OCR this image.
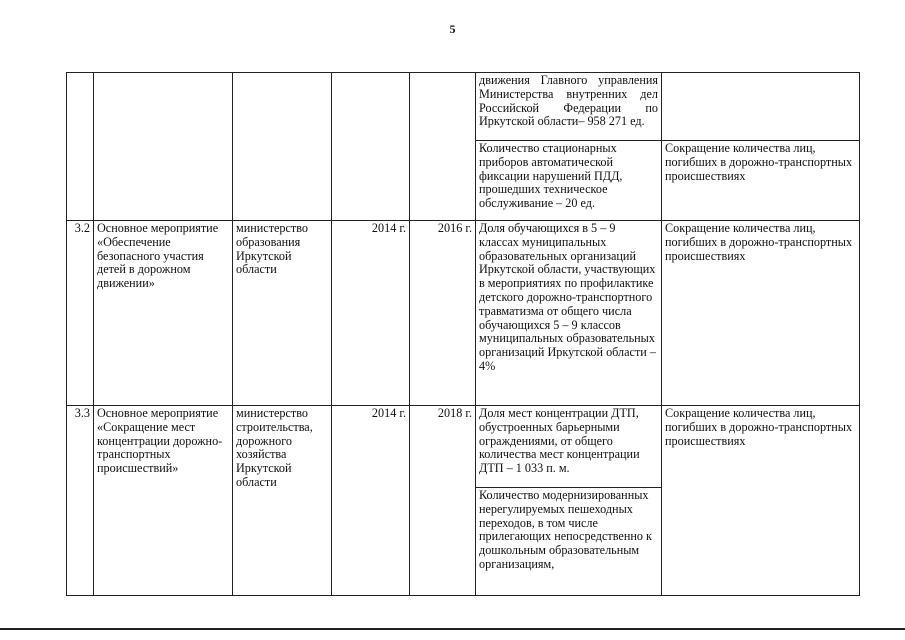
5
					движения Главного управления Министерства внутренних дел Российской Федерации по Иркутской области– 958 271 ед.	
					Количество стационарных приборов автоматической фиксации нарушений ПДД, прошедших техническое обслуживание – 20 ед.	Сокращение количества лиц, погибших в дорожно-транспортных происшествиях
3.2	Основное мероприятие «Обеспечение безопасного участия детей в дорожном движении»	министерство образования Иркутской области	2014 г.	2016 г.	Доля обучающихся в 5 – 9 классах муниципальных образовательных организаций Иркутской области, участвующих в мероприятиях по профилактике детского дорожно-транспортного травматизма от общего числа обучающихся 5 – 9 классов муниципальных образовательных организаций Иркутской области – 4%	Сокращение количества лиц, погибших в дорожно-транспортных происшествиях
3.3	Основное мероприятие «Сокращение мест концентрации дорожно-транспортных происшествий»	министерство строительства, дорожного хозяйства Иркутской области	2014 г.	2018 г.	Доля мест концентрации ДТП, обустроенных барьерными ограждениями, от общего количества мест концентрации ДТП – 1 033 п. м.	Сокращение количества лиц, погибших в дорожно-транспортных происшествиях
					Количество модернизированных нерегулируемых пешеходных переходов, в том числе прилегающих непосредственно к дошкольным образовательным организациям,	
